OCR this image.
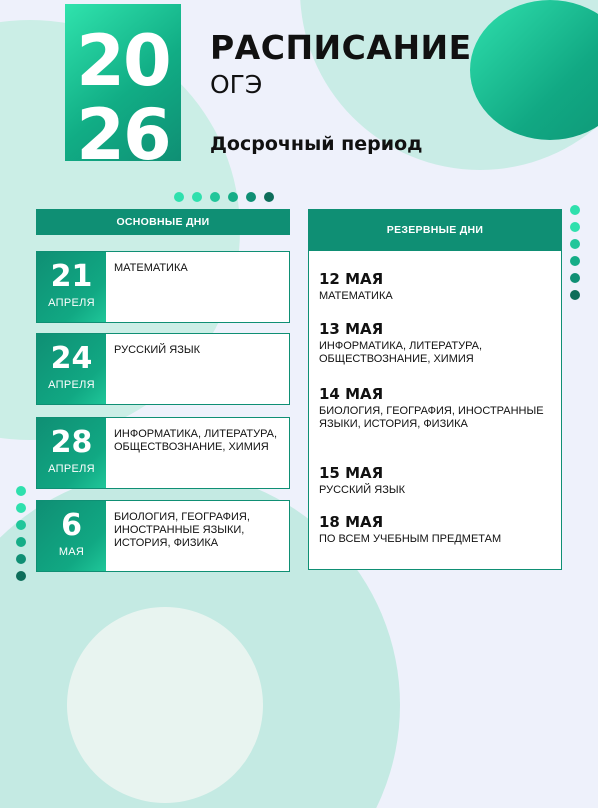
20
26
РАСПИСАНИЕ
ОГЭ
Досрочный период
ОСНОВНЫЕ ДНИ
21
АПРЕЛЯ
МАТЕМАТИКА
24
АПРЕЛЯ
РУССКИЙ ЯЗЫК
28
АПРЕЛЯ
ИНФОРМАТИКА, ЛИТЕРАТУРА, ОБЩЕСТВОЗНАНИЕ, ХИМИЯ
6
МАЯ
БИОЛОГИЯ, ГЕОГРАФИЯ, ИНОСТРАННЫЕ ЯЗЫКИ, ИСТОРИЯ, ФИЗИКА
РЕЗЕРВНЫЕ ДНИ
12 МАЯ
МАТЕМАТИКА
13 МАЯ
ИНФОРМАТИКА, ЛИТЕРАТУРА, ОБЩЕСТВОЗНАНИЕ, ХИМИЯ
14 МАЯ
БИОЛОГИЯ, ГЕОГРАФИЯ, ИНОСТРАННЫЕ ЯЗЫКИ, ИСТОРИЯ, ФИЗИКА
15 МАЯ
РУССКИЙ ЯЗЫК
18 МАЯ
ПО ВСЕМ УЧЕБНЫМ ПРЕДМЕТАМ
